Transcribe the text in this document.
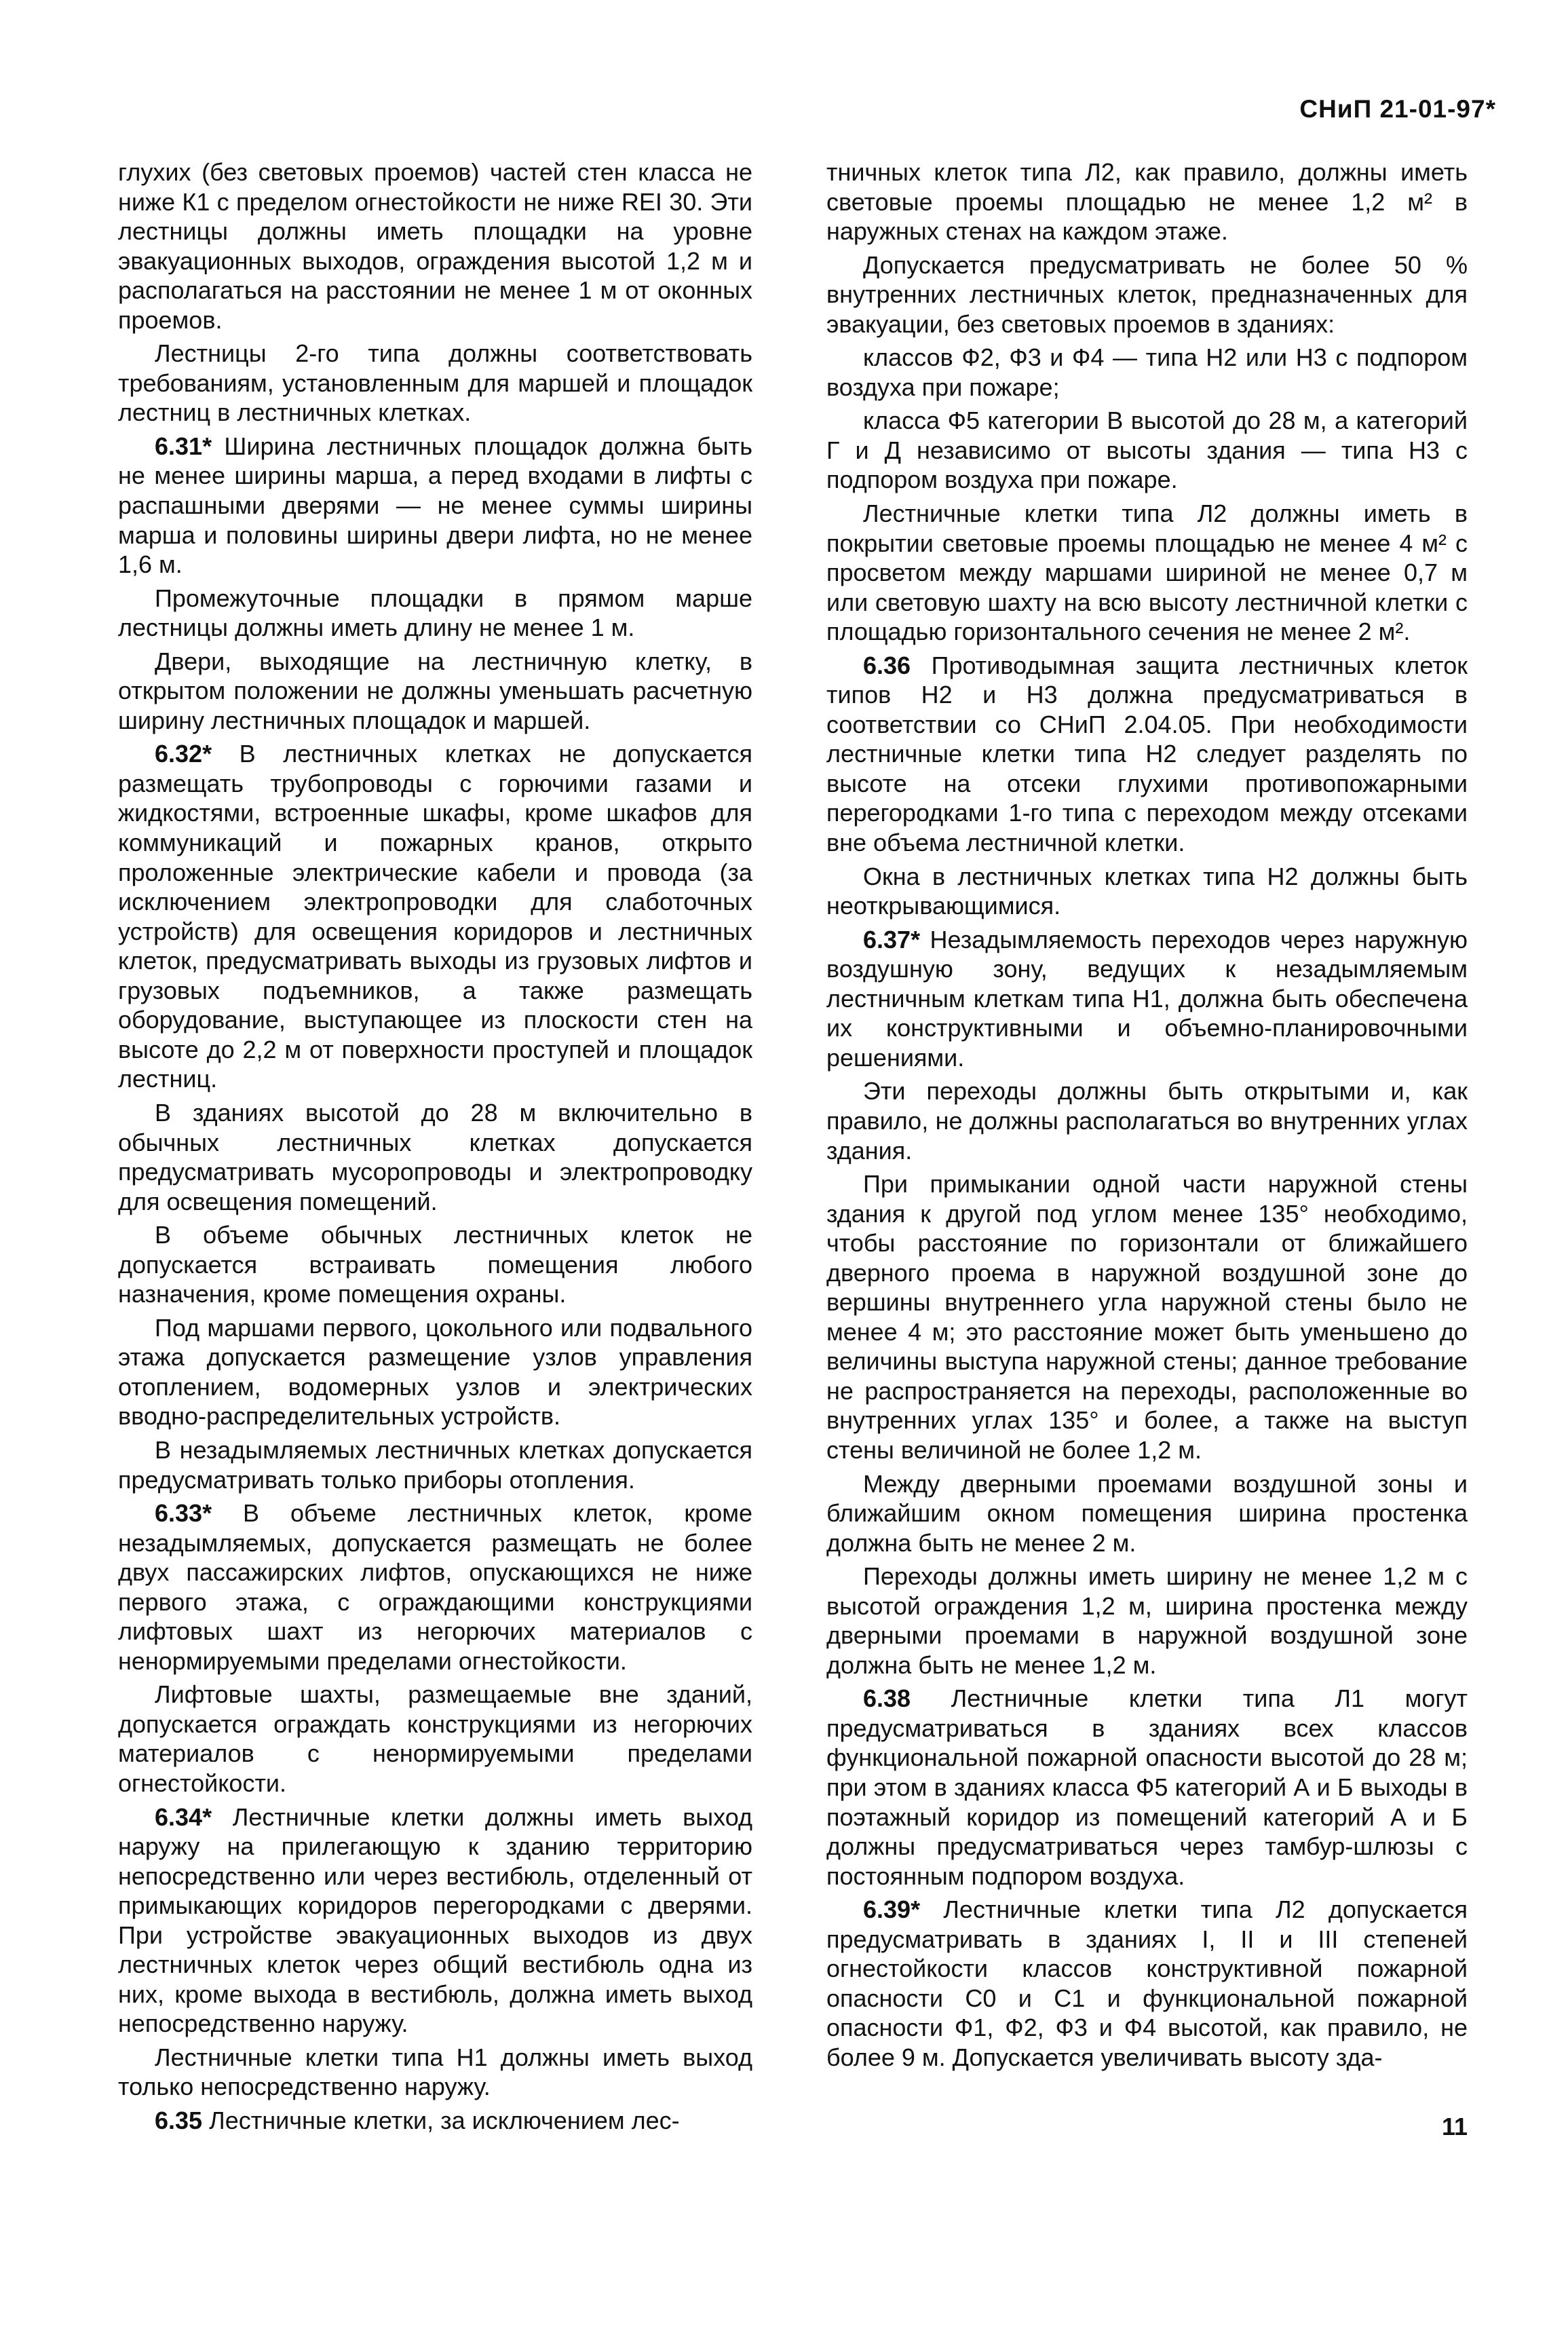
СНиП 21-01-97*

глухих (без световых проемов) частей стен класса не ниже К1 с пределом огнестойкости не ниже REI 30. Эти лестницы должны иметь площадки на уровне эвакуационных выходов, ограждения высотой 1,2 м и располагаться на расстоянии не менее 1 м от оконных проемов.

Лестницы 2-го типа должны соответствовать требованиям, установленным для маршей и площадок лестниц в лестничных клетках.

6.31* Ширина лестничных площадок должна быть не менее ширины марша, а перед входами в лифты с распашными дверями — не менее суммы ширины марша и половины ширины двери лифта, но не менее 1,6 м.

Промежуточные площадки в прямом марше лестницы должны иметь длину не менее 1 м.

Двери, выходящие на лестничную клетку, в открытом положении не должны уменьшать расчетную ширину лестничных площадок и маршей.

6.32* В лестничных клетках не допускается размещать трубопроводы с горючими газами и жидкостями, встроенные шкафы, кроме шкафов для коммуникаций и пожарных кранов, открыто проложенные электрические кабели и провода (за исключением электропроводки для слаботочных устройств) для освещения коридоров и лестничных клеток, предусматривать выходы из грузовых лифтов и грузовых подъемников, а также размещать оборудование, выступающее из плоскости стен на высоте до 2,2 м от поверхности проступей и площадок лестниц.

В зданиях высотой до 28 м включительно в обычных лестничных клетках допускается предусматривать мусоропроводы и электропроводку для освещения помещений.

В объеме обычных лестничных клеток не допускается встраивать помещения любого назначения, кроме помещения охраны.

Под маршами первого, цокольного или подвального этажа допускается размещение узлов управления отоплением, водомерных узлов и электрических вводно-распределительных устройств.

В незадымляемых лестничных клетках допускается предусматривать только приборы отопления.

6.33* В объеме лестничных клеток, кроме незадымляемых, допускается размещать не более двух пассажирских лифтов, опускающихся не ниже первого этажа, с ограждающими конструкциями лифтовых шахт из негорючих материалов с ненормируемыми пределами огнестойкости.

Лифтовые шахты, размещаемые вне зданий, допускается ограждать конструкциями из негорючих материалов с ненормируемыми пределами огнестойкости.

6.34* Лестничные клетки должны иметь выход наружу на прилегающую к зданию территорию непосредственно или через вестибюль, отделенный от примыкающих коридоров перегородками с дверями. При устройстве эвакуационных выходов из двух лестничных клеток через общий вестибюль одна из них, кроме выхода в вестибюль, должна иметь выход непосредственно наружу.

Лестничные клетки типа Н1 должны иметь выход только непосредственно наружу.

6.35 Лестничные клетки, за исключением лес-

тничных клеток типа Л2, как правило, должны иметь световые проемы площадью не менее 1,2 м² в наружных стенах на каждом этаже.

Допускается предусматривать не более 50 % внутренних лестничных клеток, предназначенных для эвакуации, без световых проемов в зданиях:

классов Ф2, Ф3 и Ф4 — типа Н2 или Н3 с подпором воздуха при пожаре;

класса Ф5 категории В высотой до 28 м, а категорий Г и Д независимо от высоты здания — типа Н3 с подпором воздуха при пожаре.

Лестничные клетки типа Л2 должны иметь в покрытии световые проемы площадью не менее 4 м² с просветом между маршами шириной не менее 0,7 м или световую шахту на всю высоту лестничной клетки с площадью горизонтального сечения не менее 2 м².

6.36 Противодымная защита лестничных клеток типов Н2 и Н3 должна предусматриваться в соответствии со СНиП 2.04.05. При необходимости лестничные клетки типа Н2 следует разделять по высоте на отсеки глухими противопожарными перегородками 1-го типа с переходом между отсеками вне объема лестничной клетки.

Окна в лестничных клетках типа Н2 должны быть неоткрывающимися.

6.37* Незадымляемость переходов через наружную воздушную зону, ведущих к незадымляемым лестничным клеткам типа Н1, должна быть обеспечена их конструктивными и объемно-планировочными решениями.

Эти переходы должны быть открытыми и, как правило, не должны располагаться во внутренних углах здания.

При примыкании одной части наружной стены здания к другой под углом менее 135° необходимо, чтобы расстояние по горизонтали от ближайшего дверного проема в наружной воздушной зоне до вершины внутреннего угла наружной стены было не менее 4 м; это расстояние может быть уменьшено до величины выступа наружной стены; данное требование не распространяется на переходы, расположенные во внутренних углах 135° и более, а также на выступ стены величиной не более 1,2 м.

Между дверными проемами воздушной зоны и ближайшим окном помещения ширина простенка должна быть не менее 2 м.

Переходы должны иметь ширину не менее 1,2 м с высотой ограждения 1,2 м, ширина простенка между дверными проемами в наружной воздушной зоне должна быть не менее 1,2 м.

6.38 Лестничные клетки типа Л1 могут предусматриваться в зданиях всех классов функциональной пожарной опасности высотой до 28 м; при этом в зданиях класса Ф5 категорий А и Б выходы в поэтажный коридор из помещений категорий А и Б должны предусматриваться через тамбур-шлюзы с постоянным подпором воздуха.

6.39* Лестничные клетки типа Л2 допускается предусматривать в зданиях I, II и III степеней огнестойкости классов конструктивной пожарной опасности С0 и С1 и функциональной пожарной опасности Ф1, Ф2, Ф3 и Ф4 высотой, как правило, не более 9 м. Допускается увеличивать высоту зда-

11
